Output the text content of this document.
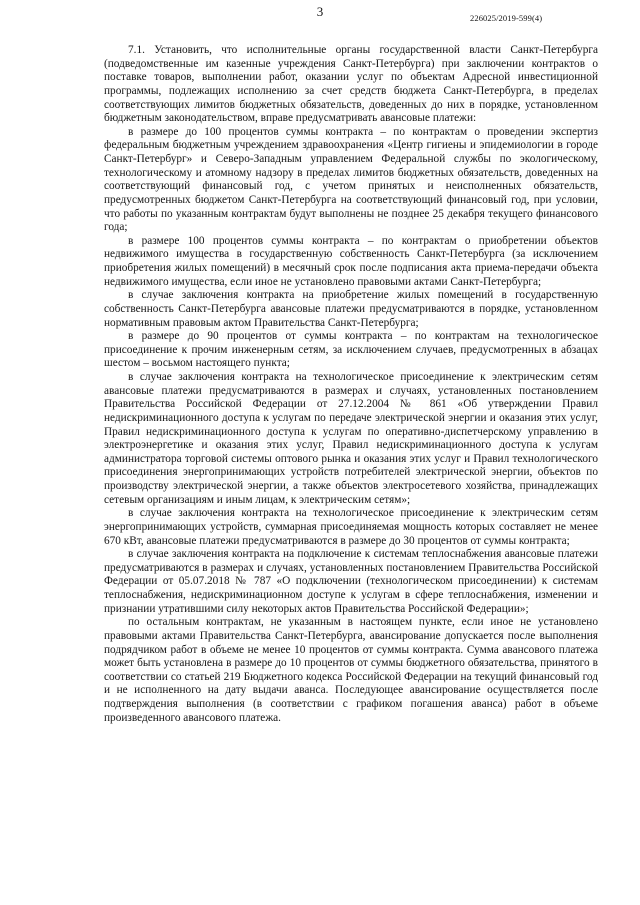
3	226025/2019-599(4)

7.1. Установить, что исполнительные органы государственной власти Санкт-Петербурга (подведомственные им казенные учреждения Санкт-Петербурга) при заключении контрактов о поставке товаров, выполнении работ, оказании услуг по объектам Адресной инвестиционной программы, подлежащих исполнению за счет средств бюджета Санкт-Петербурга, в пределах соответствующих лимитов бюджетных обязательств, доведенных до них в порядке, установленном бюджетным законодательством, вправе предусматривать авансовые платежи:

в размере до 100 процентов суммы контракта – по контрактам о проведении экспертиз федеральным бюджетным учреждением здравоохранения «Центр гигиены и эпидемиологии в городе Санкт-Петербург» и Северо-Западным управлением Федеральной службы по экологическому, технологическому и атомному надзору в пределах лимитов бюджетных обязательств, доведенных на соответствующий финансовый год, с учетом принятых и неисполненных обязательств, предусмотренных бюджетом Санкт-Петербурга на соответствующий финансовый год, при условии, что работы по указанным контрактам будут выполнены не позднее 25 декабря текущего финансового года;

в размере 100 процентов суммы контракта – по контрактам о приобретении объектов недвижимого имущества в государственную собственность Санкт-Петербурга (за исключением приобретения жилых помещений) в месячный срок после подписания акта приема-передачи объекта недвижимого имущества, если иное не установлено правовыми актами Санкт-Петербурга;

в случае заключения контракта на приобретение жилых помещений в государственную собственность Санкт-Петербурга авансовые платежи предусматриваются в порядке, установленном нормативным правовым актом Правительства Санкт-Петербурга;

в размере до 90 процентов от суммы контракта – по контрактам на технологическое присоединение к прочим инженерным сетям, за исключением случаев, предусмотренных в абзацах шестом – восьмом настоящего пункта;

в случае заключения контракта на технологическое присоединение к электрическим сетям авансовые платежи предусматриваются в размерах и случаях, установленных постановлением Правительства Российской Федерации от 27.12.2004 № 861 «Об утверждении Правил недискриминационного доступа к услугам по передаче электрической энергии и оказания этих услуг, Правил недискриминационного доступа к услугам по оперативно-диспетчерскому управлению в электроэнергетике и оказания этих услуг, Правил недискриминационного доступа к услугам администратора торговой системы оптового рынка и оказания этих услуг и Правил технологического присоединения энергопринимающих устройств потребителей электрической энергии, объектов по производству электрической энергии, а также объектов электросетевого хозяйства, принадлежащих сетевым организациям и иным лицам, к электрическим сетям»;

в случае заключения контракта на технологическое присоединение к электрическим сетям энергопринимающих устройств, суммарная присоединяемая мощность которых составляет не менее 670 кВт, авансовые платежи предусматриваются в размере до 30 процентов от суммы контракта;

в случае заключения контракта на подключение к системам теплоснабжения авансовые платежи предусматриваются в размерах и случаях, установленных постановлением Правительства Российской Федерации от 05.07.2018 № 787 «О подключении (технологическом присоединении) к системам теплоснабжения, недискриминационном доступе к услугам в сфере теплоснабжения, изменении и признании утратившими силу некоторых актов Правительства Российской Федерации»;

по остальным контрактам, не указанным в настоящем пункте, если иное не установлено правовыми актами Правительства Санкт-Петербурга, авансирование допускается после выполнения подрядчиком работ в объеме не менее 10 процентов от суммы контракта. Сумма авансового платежа может быть установлена в размере до 10 процентов от суммы бюджетного обязательства, принятого в соответствии со статьей 219 Бюджетного кодекса Российской Федерации на текущий финансовый год и не исполненного на дату выдачи аванса. Последующее авансирование осуществляется после подтверждения выполнения (в соответствии с графиком погашения аванса) работ в объеме произведенного авансового платежа.
